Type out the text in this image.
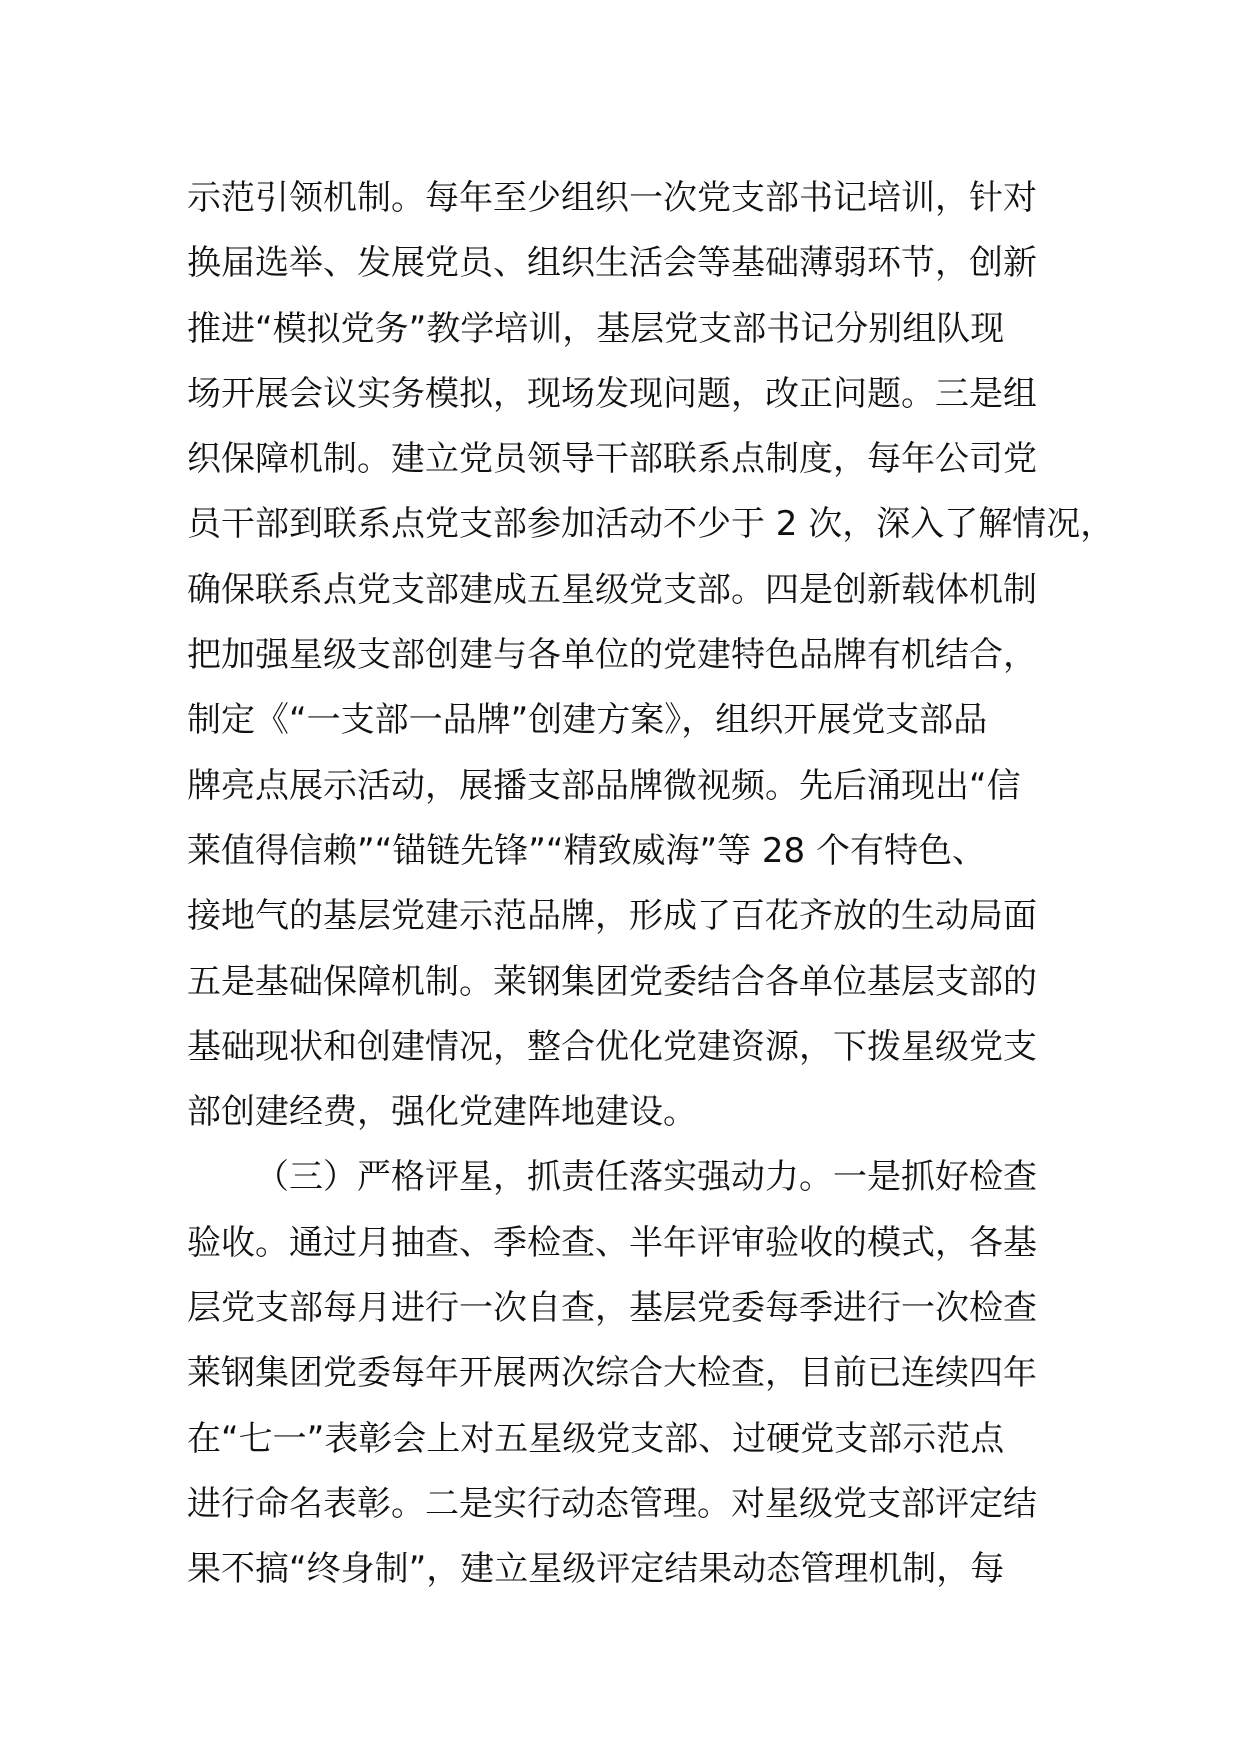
示范引领机制。每年至少组织一次党支部书记培训，针对
换届选举、发展党员、组织生活会等基础薄弱环节，创新
推进“模拟党务”教学培训，基层党支部书记分别组队现
场开展会议实务模拟，现场发现问题，改正问题。三是组
织保障机制。建立党员领导干部联系点制度，每年公司党
员干部到联系点党支部参加活动不少于 2 次，深入了解情况，
确保联系点党支部建成五星级党支部。四是创新载体机制
把加强星级支部创建与各单位的党建特色品牌有机结合，
制定《“一支部一品牌”创建方案》，组织开展党支部品
牌亮点展示活动，展播支部品牌微视频。先后涌现出“信
莱值得信赖”“锚链先锋”“精致威海”等 28 个有特色、
接地气的基层党建示范品牌，形成了百花齐放的生动局面
五是基础保障机制。莱钢集团党委结合各单位基层支部的
基础现状和创建情况，整合优化党建资源，下拨星级党支
部创建经费，强化党建阵地建设。
（三）严格评星，抓责任落实强动力。一是抓好检查
验收。通过月抽查、季检查、半年评审验收的模式，各基
层党支部每月进行一次自查，基层党委每季进行一次检查
莱钢集团党委每年开展两次综合大检查，目前已连续四年
在“七一”表彰会上对五星级党支部、过硬党支部示范点
进行命名表彰。二是实行动态管理。对星级党支部评定结
果不搞“终身制”，建立星级评定结果动态管理机制，每
